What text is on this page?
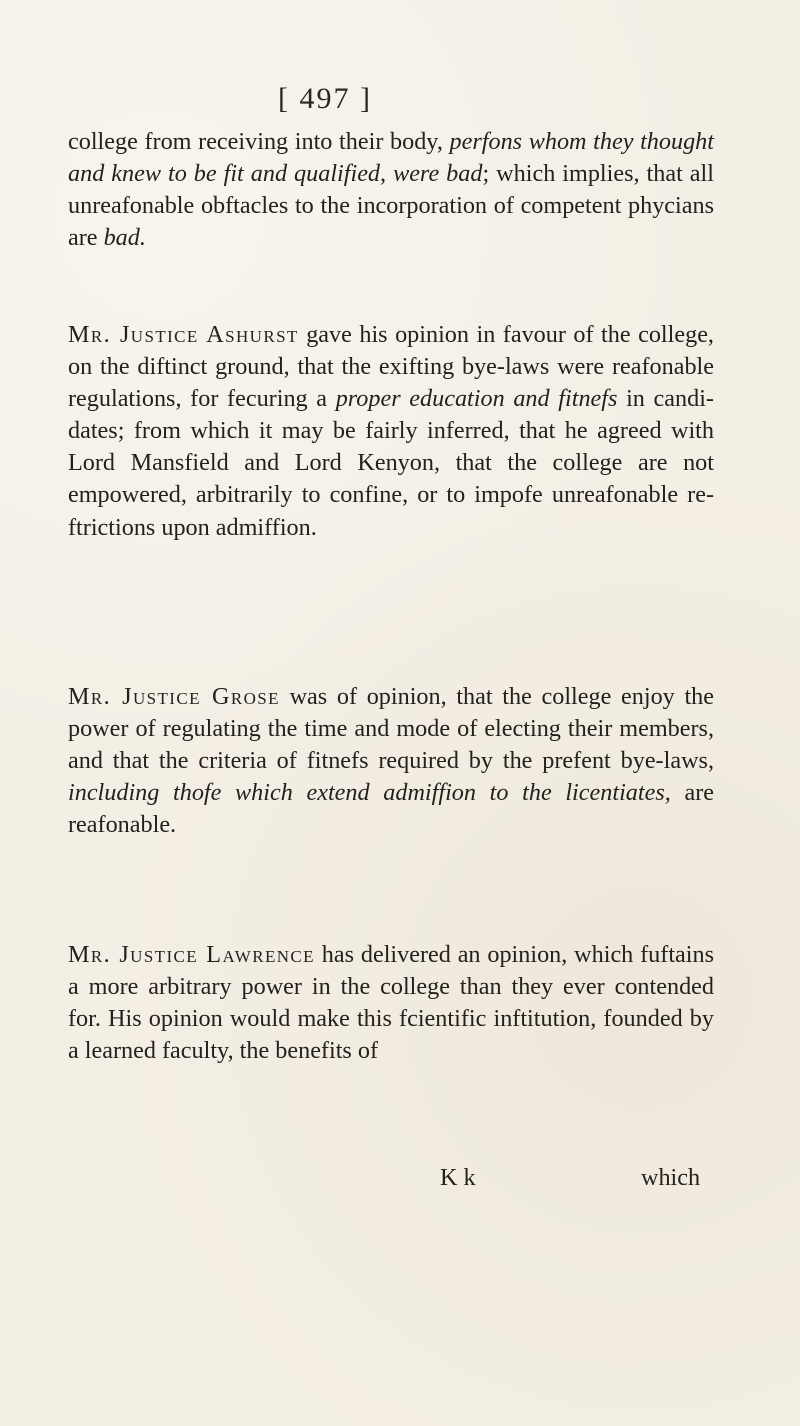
[ 497 ]
college from receiving into their body, perfons whom they thought and knew to be fit and qualified, were bad; which implies, that all unreafonable obftacles to the incorporation of competent phycians are bad.
Mr. Justice Ashurst gave his opinion in favour of the college, on the diftinct ground, that the exifting bye-laws were reafonable regulations, for fecuring a proper education and fitnefs in candidates; from which it may be fairly inferred, that he agreed with Lord Mansfield and Lord Kenyon, that the college are not empowered, arbitrarily to confine, or to impofe unreafonable reftrictions upon admiffion.
Mr. Justice Grose was of opinion, that the college enjoy the power of regulating the time and mode of electing their members, and that the criteria of fitnefs required by the prefent bye-laws, including thofe which extend admiffion to the licentiates, are reafonable.
Mr. Justice Lawrence has delivered an opinion, which fuftains a more arbitrary power in the college than they ever contended for. His opinion would make this fcientific inftitution, founded by a learned faculty, the benefits of
K k	which
